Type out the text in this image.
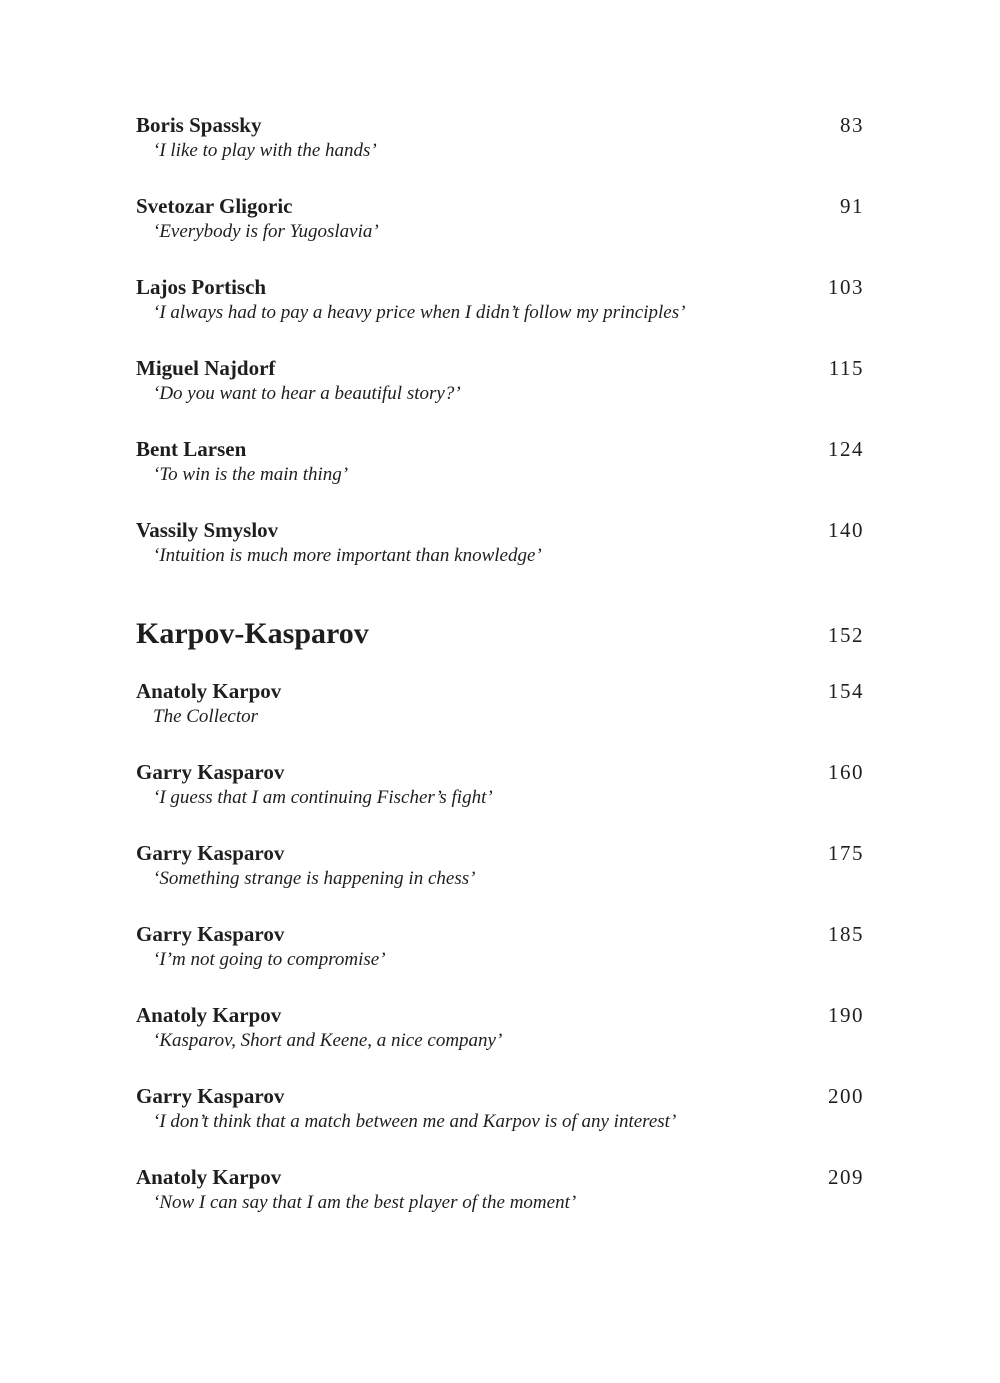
Boris Spassky
‘I like to play with the hands’
83
Svetozar Gligoric
‘Everybody is for Yugoslavia’
91
Lajos Portisch
‘I always had to pay a heavy price when I didn’t follow my principles’
103
Miguel Najdorf
‘Do you want to hear a beautiful story?’
115
Bent Larsen
‘To win is the main thing’
124
Vassily Smyslov
‘Intuition is much more important than knowledge’
140
Karpov-Kasparov	152
Anatoly Karpov
The Collector
154
Garry Kasparov
‘I guess that I am continuing Fischer’s fight’
160
Garry Kasparov
‘Something strange is happening in chess’
175
Garry Kasparov
‘I’m not going to compromise’
185
Anatoly Karpov
‘Kasparov, Short and Keene, a nice company’
190
Garry Kasparov
‘I don’t think that a match between me and Karpov is of any interest’
200
Anatoly Karpov
‘Now I can say that I am the best player of the moment’
209
